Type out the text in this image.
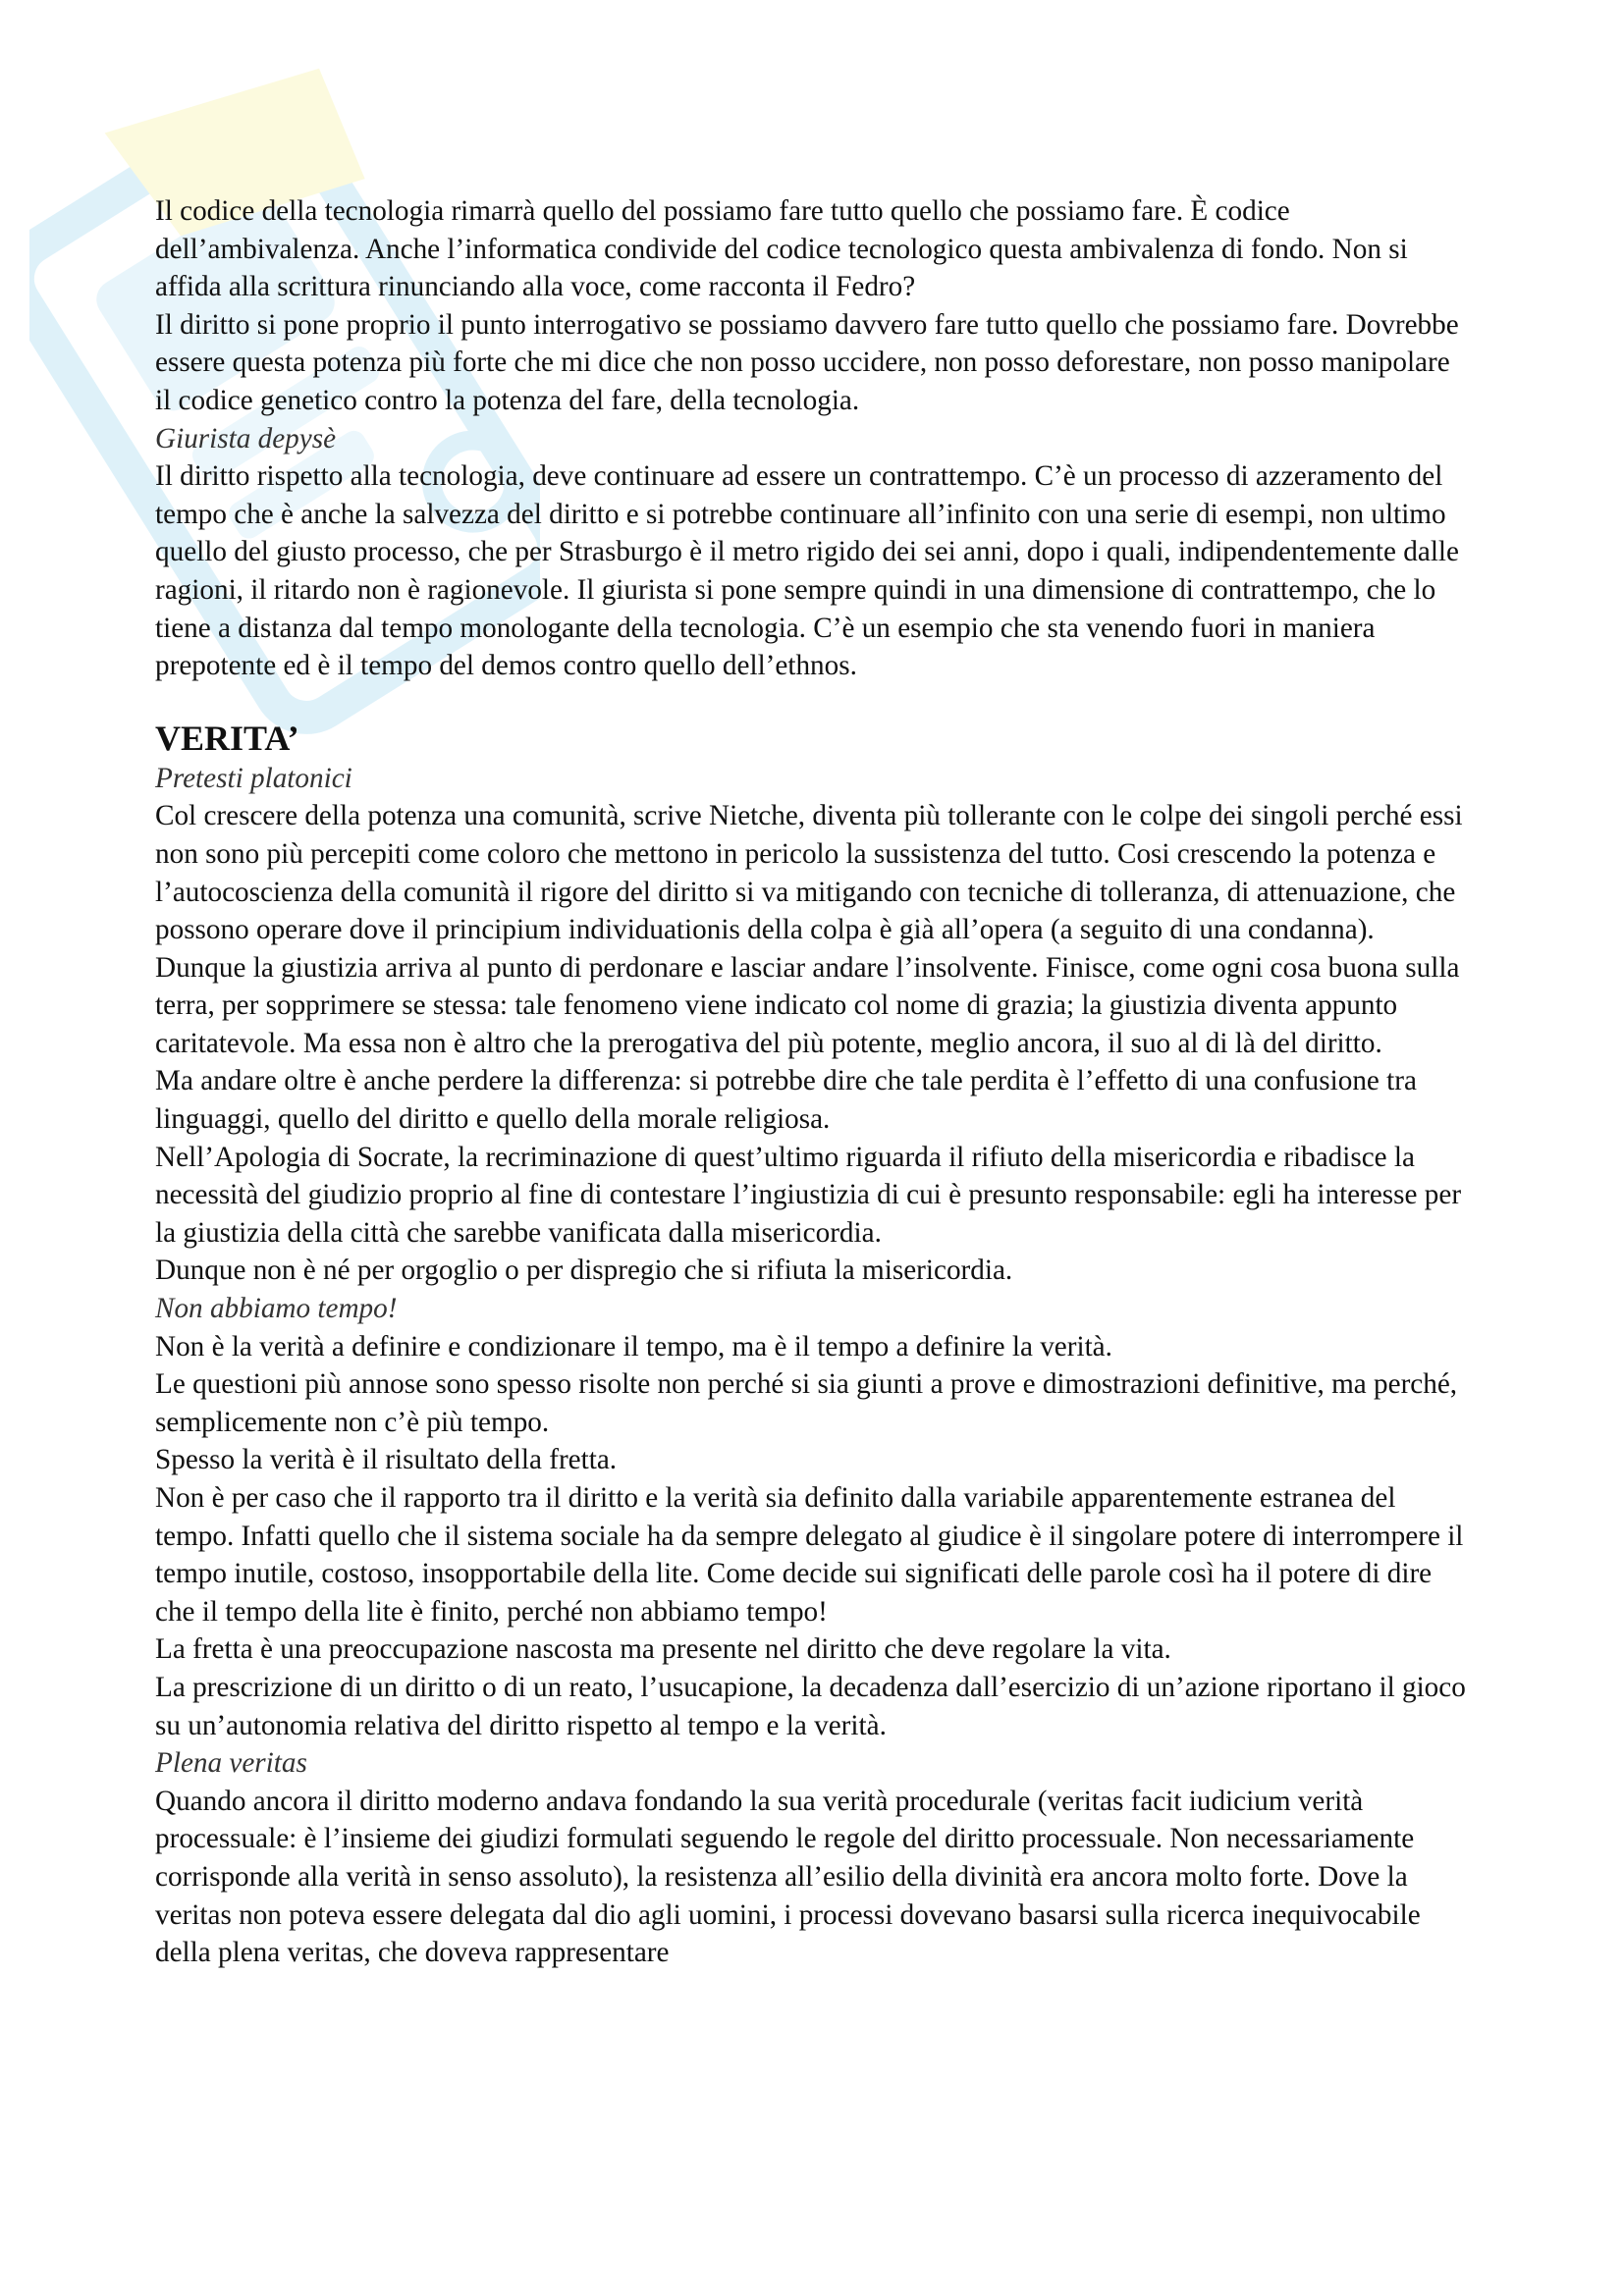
Il codice della tecnologia rimarrà quello del possiamo fare tutto quello che possiamo fare. È codice dell’ambivalenza. Anche l’informatica condivide del codice tecnologico questa ambivalenza di fondo. Non si affida alla scrittura rinunciando alla voce, come racconta il Fedro?

Il diritto si pone proprio il punto interrogativo se possiamo davvero fare tutto quello che possiamo fare. Dovrebbe essere questa potenza più forte che mi dice che non posso uccidere, non posso deforestare, non posso manipolare il codice genetico contro la potenza del fare, della tecnologia.

Giurista depysè

Il diritto rispetto alla tecnologia, deve continuare ad essere un contrattempo. C’è un processo di azzeramento del tempo che è anche la salvezza del diritto e si potrebbe continuare all’infinito con una serie di esempi, non ultimo quello del giusto processo, che per Strasburgo è il metro rigido dei sei anni, dopo i quali, indipendentemente dalle ragioni, il ritardo non è ragionevole. Il giurista si pone sempre quindi in una dimensione di contrattempo, che lo tiene a distanza dal tempo monologante della tecnologia. C’è un esempio che sta venendo fuori in maniera prepotente ed è il tempo del demos contro quello dell’ethnos.

VERITA’

Pretesti platonici

Col crescere della potenza una comunità, scrive Nietche, diventa più tollerante con le colpe dei singoli perché essi non sono più percepiti come coloro che mettono in pericolo la sussistenza del tutto. Cosi crescendo la potenza e l’autocoscienza della comunità il rigore del diritto si va mitigando con tecniche di tolleranza, di attenuazione, che possono operare dove il principium individuationis della colpa è già all’opera (a seguito di una condanna).

Dunque la giustizia arriva al punto di perdonare e lasciar andare l’insolvente. Finisce, come ogni cosa buona sulla terra, per sopprimere se stessa: tale fenomeno viene indicato col nome di grazia; la giustizia diventa appunto caritatevole. Ma essa non è altro che la prerogativa del più potente, meglio ancora, il suo al di là del diritto.

Ma andare oltre è anche perdere la differenza: si potrebbe dire che tale perdita è l’effetto di una confusione tra linguaggi, quello del diritto e quello della morale religiosa.

Nell’Apologia di Socrate, la recriminazione di quest’ultimo riguarda il rifiuto della misericordia e ribadisce la necessità del giudizio proprio al fine di contestare l’ingiustizia di cui è presunto responsabile: egli ha interesse per la giustizia della città che sarebbe vanificata dalla misericordia.

Dunque non è né per orgoglio o per dispregio che si rifiuta la misericordia.

Non abbiamo tempo!

Non è la verità a definire e condizionare il tempo, ma è il tempo a definire la verità.

Le questioni più annose sono spesso risolte non perché si sia giunti a prove e dimostrazioni definitive, ma perché, semplicemente non c’è più tempo.

Spesso la verità è il risultato della fretta.

Non è per caso che il rapporto tra il diritto e la verità sia definito dalla variabile apparentemente estranea del tempo. Infatti quello che il sistema sociale ha da sempre delegato al giudice è il singolare potere di interrompere il tempo inutile, costoso, insopportabile della lite. Come decide sui significati delle parole così ha il potere di dire che il tempo della lite è finito, perché non abbiamo tempo!

La fretta è una preoccupazione nascosta ma presente nel diritto che deve regolare la vita.

La prescrizione di un diritto o di un reato, l’usucapione, la decadenza dall’esercizio di un’azione riportano il gioco su un’autonomia relativa del diritto rispetto al tempo e la verità.

Plena veritas

Quando ancora il diritto moderno andava fondando la sua verità procedurale (veritas facit iudicium verità processuale: è l’insieme dei giudizi formulati seguendo le regole del diritto processuale. Non necessariamente corrisponde alla verità in senso assoluto), la resistenza all’esilio della divinità era ancora molto forte. Dove la veritas non poteva essere delegata dal dio agli uomini, i processi dovevano basarsi sulla ricerca inequivocabile della plena veritas, che doveva rappresentare
